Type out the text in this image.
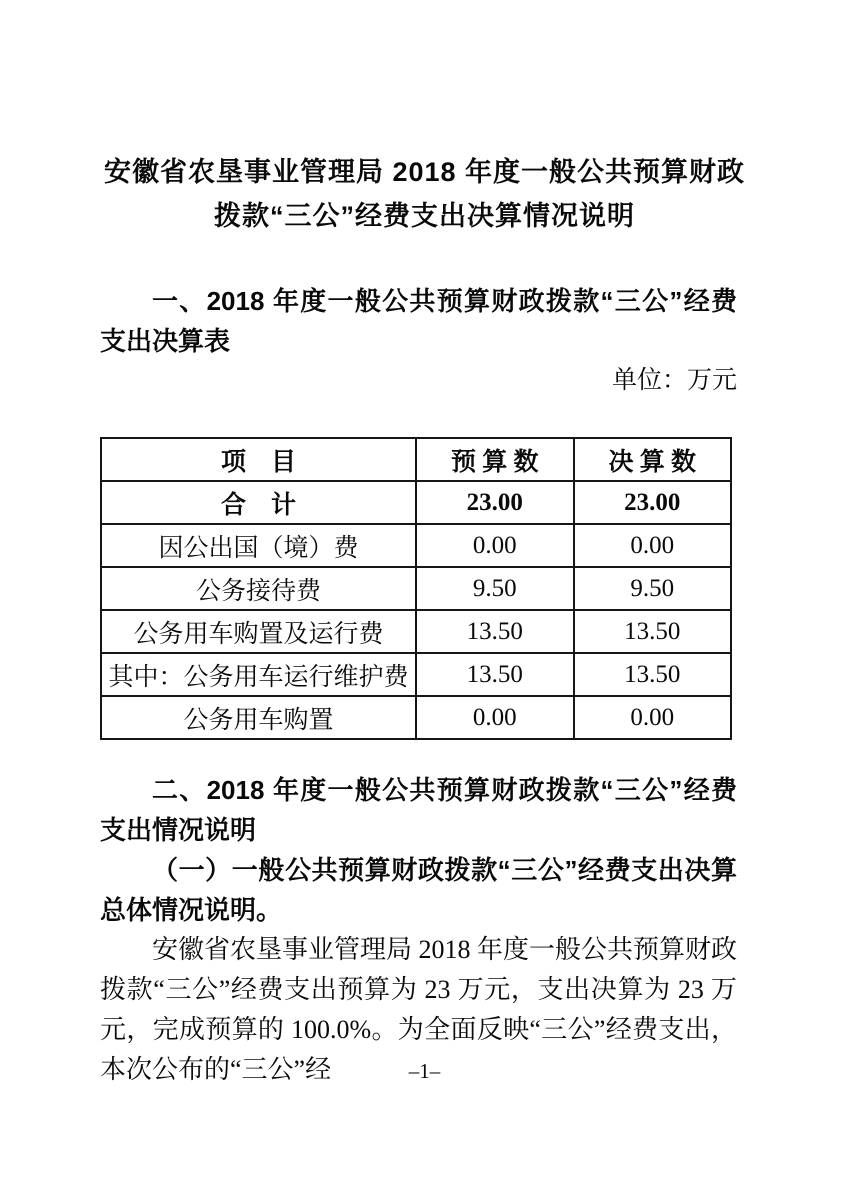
安徽省农垦事业管理局 2018 年度一般公共预算财政
拨款“三公”经费支出决算情况说明

一、2018 年度一般公共预算财政拨款“三公”经费支出决算表

单位：万元

项　目	预 算 数	决 算 数
合　计	23.00	23.00
因公出国（境）费	0.00	0.00
公务接待费	9.50	9.50
公务用车购置及运行费	13.50	13.50
其中：公务用车运行维护费	13.50	13.50
公务用车购置	0.00	0.00

二、2018 年度一般公共预算财政拨款“三公”经费支出情况说明

（一）一般公共预算财政拨款“三公”经费支出决算总体情况说明。

安徽省农垦事业管理局 2018 年度一般公共预算财政拨款“三公”经费支出预算为 23 万元，支出决算为 23 万元，完成预算的 100.0%。为全面反映“三公”经费支出，本次公布的“三公”经	–1–
